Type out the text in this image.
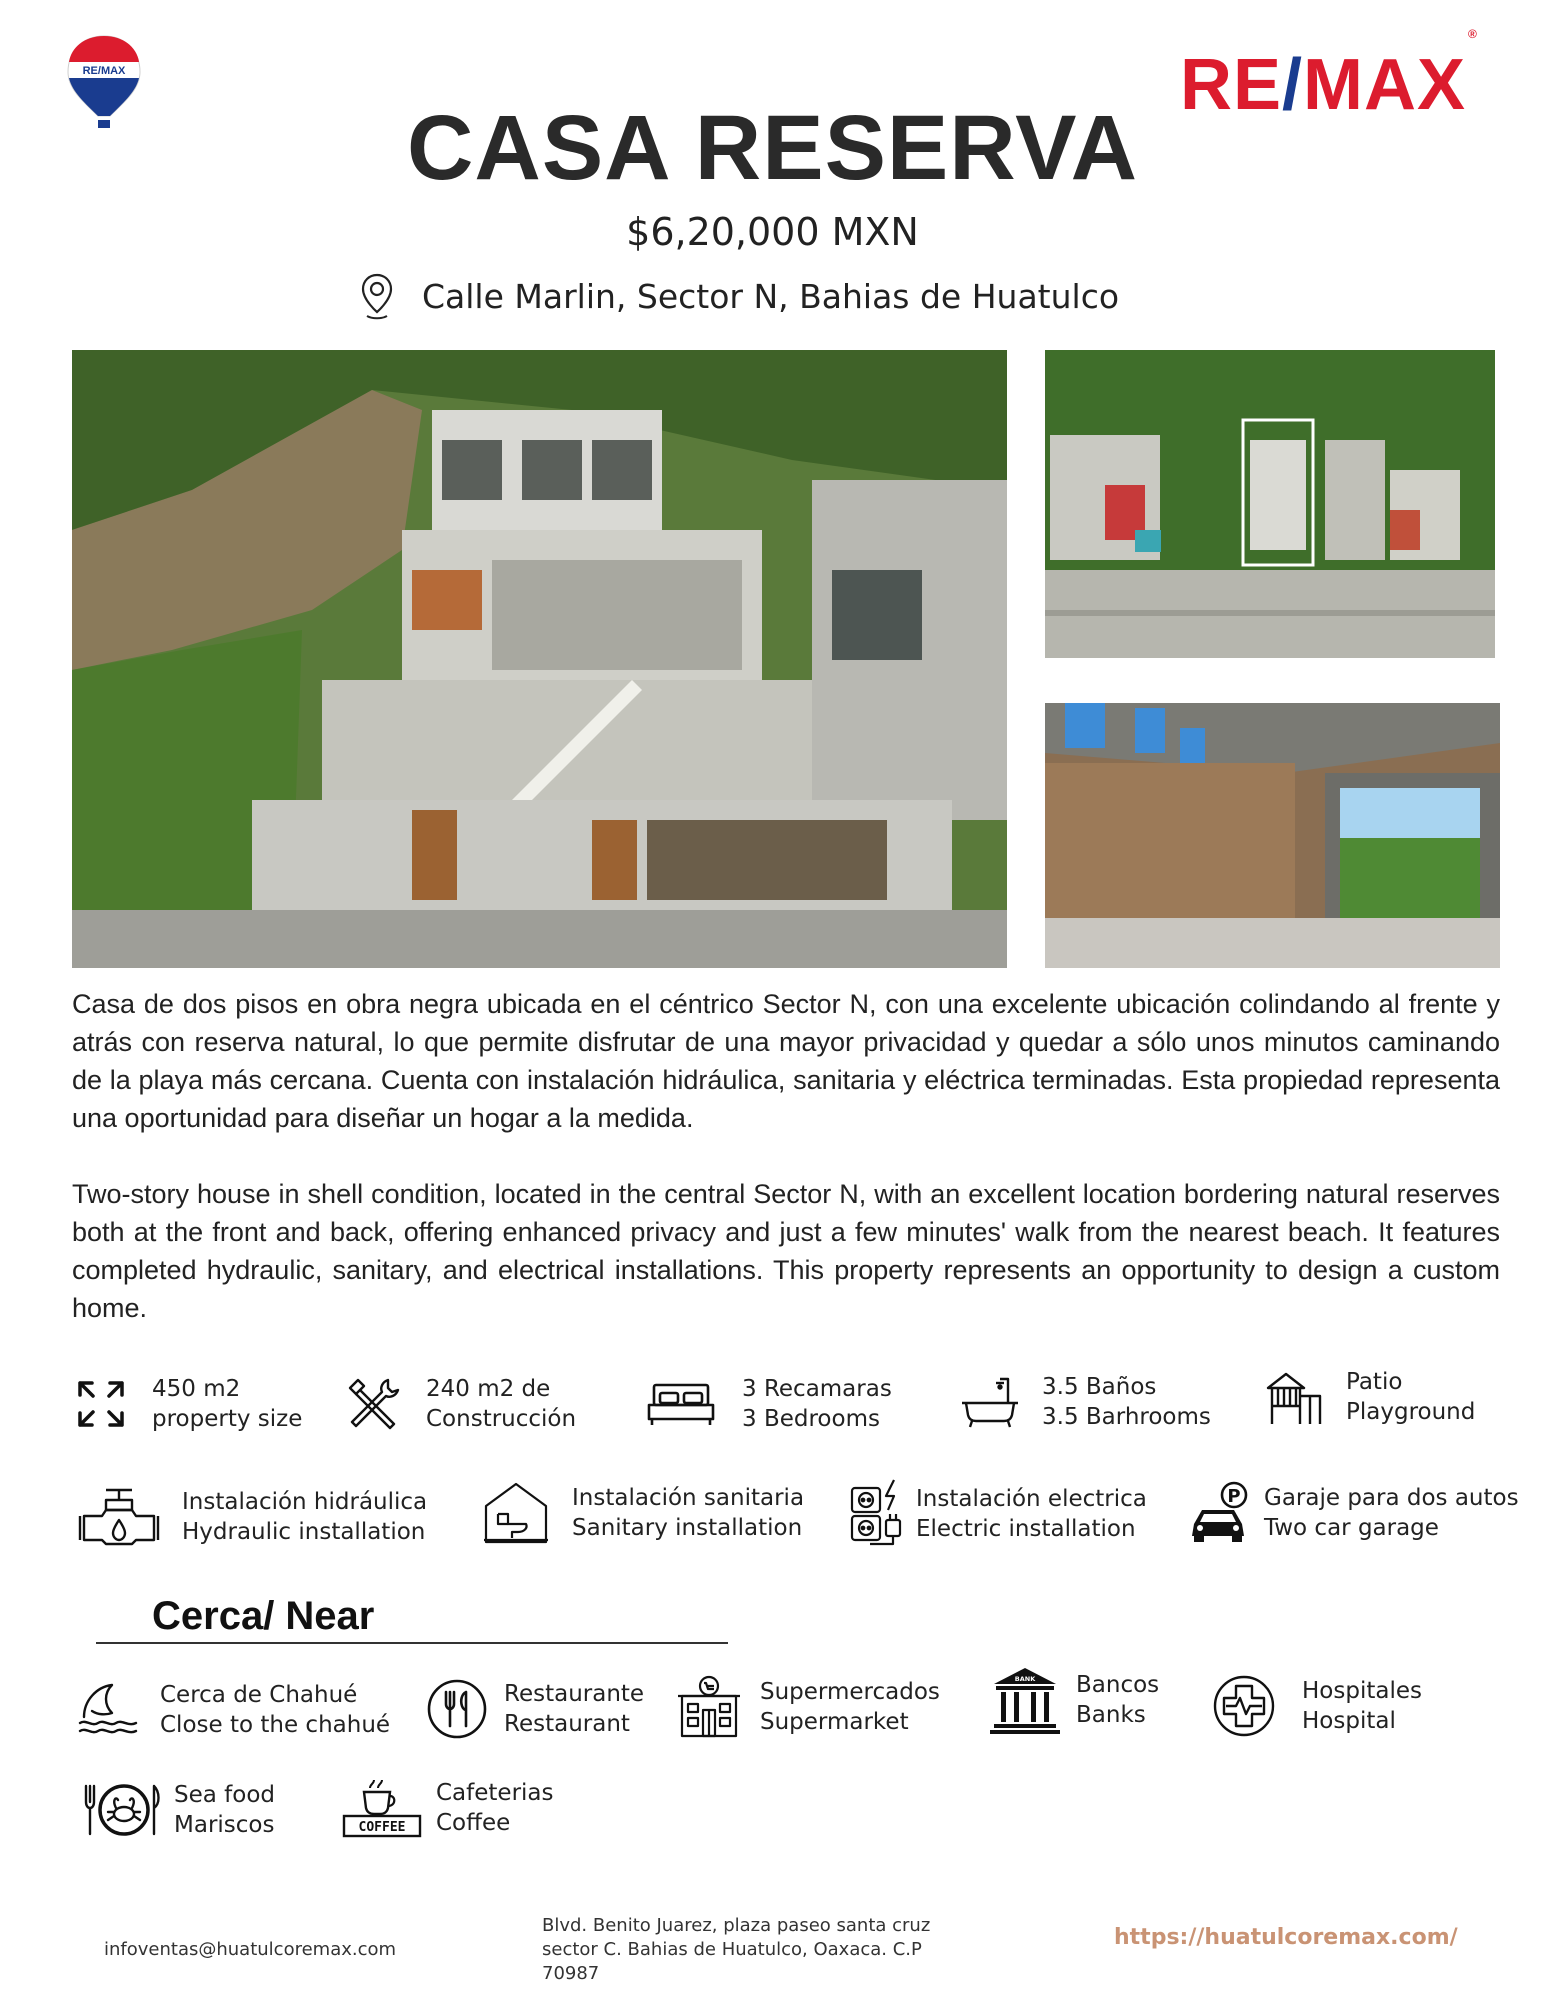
RE/MAX	RE/MAX®
CASA RESERVA
$6,20,000 MXN
Calle Marlin, Sector N, Bahias de Huatulco

Casa de dos pisos en obra negra ubicada en el céntrico Sector N, con una excelente ubicación colindando al frente y atrás con reserva natural, lo que permite disfrutar de una mayor privacidad y quedar a sólo unos minutos caminando de la playa más cercana. Cuenta con instalación hidráulica, sanitaria y eléctrica terminadas. Esta propiedad representa una oportunidad para diseñar un hogar a la medida.

Two-story house in shell condition, located in the central Sector N, with an excellent location bordering natural reserves both at the front and back, offering enhanced privacy and just a few minutes' walk from the nearest beach. It features completed hydraulic, sanitary, and electrical installations. This property represents an opportunity to design a custom home.

450 m2
property size
240 m2 de
Construcción
3 Recamaras
3 Bedrooms
3.5 Baños
3.5 Barhrooms
Patio
Playground
Instalación hidráulica
Hydraulic installation
Instalación sanitaria
Sanitary installation
Instalación electrica
Electric installation
P Garaje para dos autos
Two car garage
Cerca/ Near
Cerca de Chahué
Close to the chahué
Restaurante
Restaurant
Supermercados
Supermarket
BANK Bancos
Banks
Hospitales
Hospital
Sea food
Mariscos	COFFEE
Cafeterias
Coffee
infoventas@huatulcoremax.com
Blvd. Benito Juarez, plaza paseo santa cruz
sector C. Bahias de Huatulco, Oaxaca. C.P
70987
https://huatulcoremax.com/
